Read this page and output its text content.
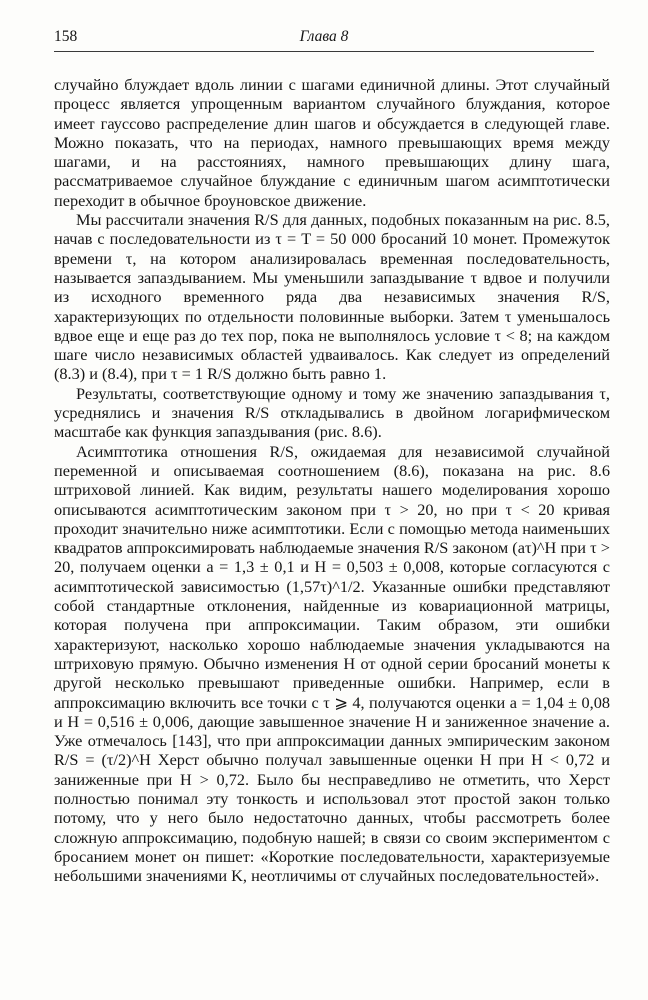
158	Глава 8

случайно блуждает вдоль линии с шагами единичной длины. Этот случайный процесс является упрощенным вариантом случайного блуждания, которое имеет гауссово распределение длин шагов и обсуждается в следующей главе. Можно показать, что на периодах, намного превышающих время между шагами, и на расстояниях, намного превышающих длину шага, рассматриваемое случайное блуждание с единичным шагом асимптотически переходит в обычное броуновское движение.

Мы рассчитали значения R/S для данных, подобных показанным на рис. 8.5, начав с последовательности из τ = T = 50 000 бросаний 10 монет. Промежуток времени τ, на котором анализировалась временная последовательность, называется запаздыванием. Мы уменьшили запаздывание τ вдвое и получили из исходного временного ряда два независимых значения R/S, характеризующих по отдельности половинные выборки. Затем τ уменьшалось вдвое еще и еще раз до тех пор, пока не выполнялось условие τ < 8; на каждом шаге число независимых областей удваивалось. Как следует из определений (8.3) и (8.4), при τ = 1 R/S должно быть равно 1.

Результаты, соответствующие одному и тому же значению запаздывания τ, усреднялись и значения R/S откладывались в двойном логарифмическом масштабе как функция запаздывания (рис. 8.6).

Асимптотика отношения R/S, ожидаемая для независимой случайной переменной и описываемая соотношением (8.6), показана на рис. 8.6 штриховой линией. Как видим, результаты нашего моделирования хорошо описываются асимптотическим законом при τ > 20, но при τ < 20 кривая проходит значительно ниже асимптотики. Если с помощью метода наименьших квадратов аппроксимировать наблюдаемые значения R/S законом (aτ)^H при τ > 20, получаем оценки a = 1,3 ± 0,1 и H = 0,503 ± 0,008, которые согласуются с асимптотической зависимостью (1,57τ)^1/2. Указанные ошибки представляют собой стандартные отклонения, найденные из ковариационной матрицы, которая получена при аппроксимации. Таким образом, эти ошибки характеризуют, насколько хорошо наблюдаемые значения укладываются на штриховую прямую. Обычно изменения H от одной серии бросаний монеты к другой несколько превышают приведенные ошибки. Например, если в аппроксимацию включить все точки с τ ⩾ 4, получаются оценки a = 1,04 ± 0,08 и H = 0,516 ± 0,006, дающие завышенное значение H и заниженное значение a. Уже отмечалось [143], что при аппроксимации данных эмпирическим законом R/S = (τ/2)^H Херст обычно получал завышенные оценки H при H < 0,72 и заниженные при H > 0,72. Было бы несправедливо не отметить, что Херст полностью понимал эту тонкость и использовал этот простой закон только потому, что у него было недостаточно данных, чтобы рассмотреть более сложную аппроксимацию, подобную нашей; в связи со своим экспериментом с бросанием монет он пишет: «Короткие последовательности, характеризуемые небольшими значениями K, неотличимы от случайных последовательностей».
